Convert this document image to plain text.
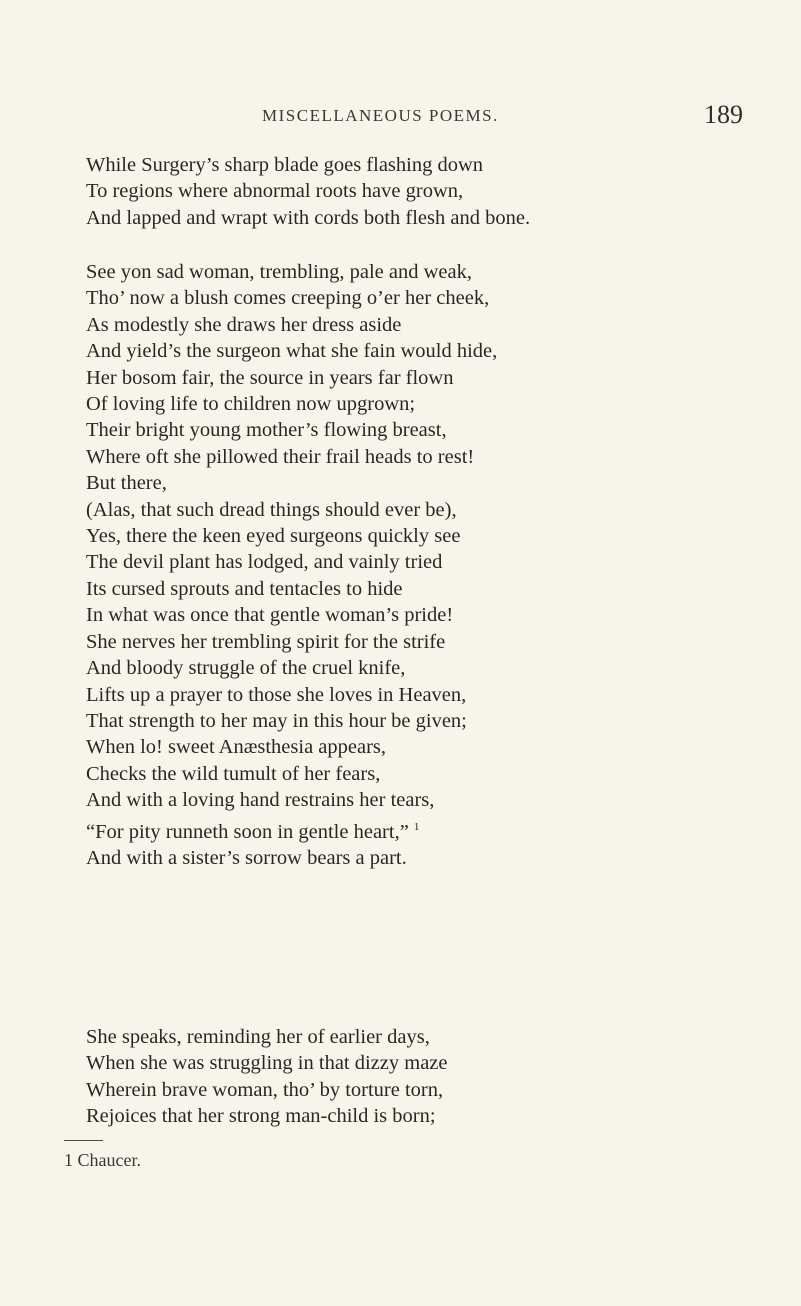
MISCELLANEOUS POEMS.	189
While Surgery’s sharp blade goes flashing down
To regions where abnormal roots have grown,
And lapped and wrapt with cords both flesh and bone.
See yon sad woman, trembling, pale and weak,
Tho’ now a blush comes creeping o’er her cheek,
As modestly she draws her dress aside
And yield’s the surgeon what she fain would hide,
Her bosom fair, the source in years far flown
Of loving life to children now upgrown;
Their bright young mother’s flowing breast,
Where oft she pillowed their frail heads to rest!
But there,
(Alas, that such dread things should ever be),
Yes, there the keen eyed surgeons quickly see
The devil plant has lodged, and vainly tried
Its cursed sprouts and tentacles to hide
In what was once that gentle woman’s pride!
She nerves her trembling spirit for the strife
And bloody struggle of the cruel knife,
Lifts up a prayer to those she loves in Heaven,
That strength to her may in this hour be given;
When lo! sweet Anæsthesia appears,
Checks the wild tumult of her fears,
And with a loving hand restrains her tears,
“For pity runneth soon in gentle heart,” $^1$
And with a sister’s sorrow bears a part.
She speaks, reminding her of earlier days,
When she was struggling in that dizzy maze
Wherein brave woman, tho’ by torture torn,
Rejoices that her strong man-child is born;
1 Chaucer.
